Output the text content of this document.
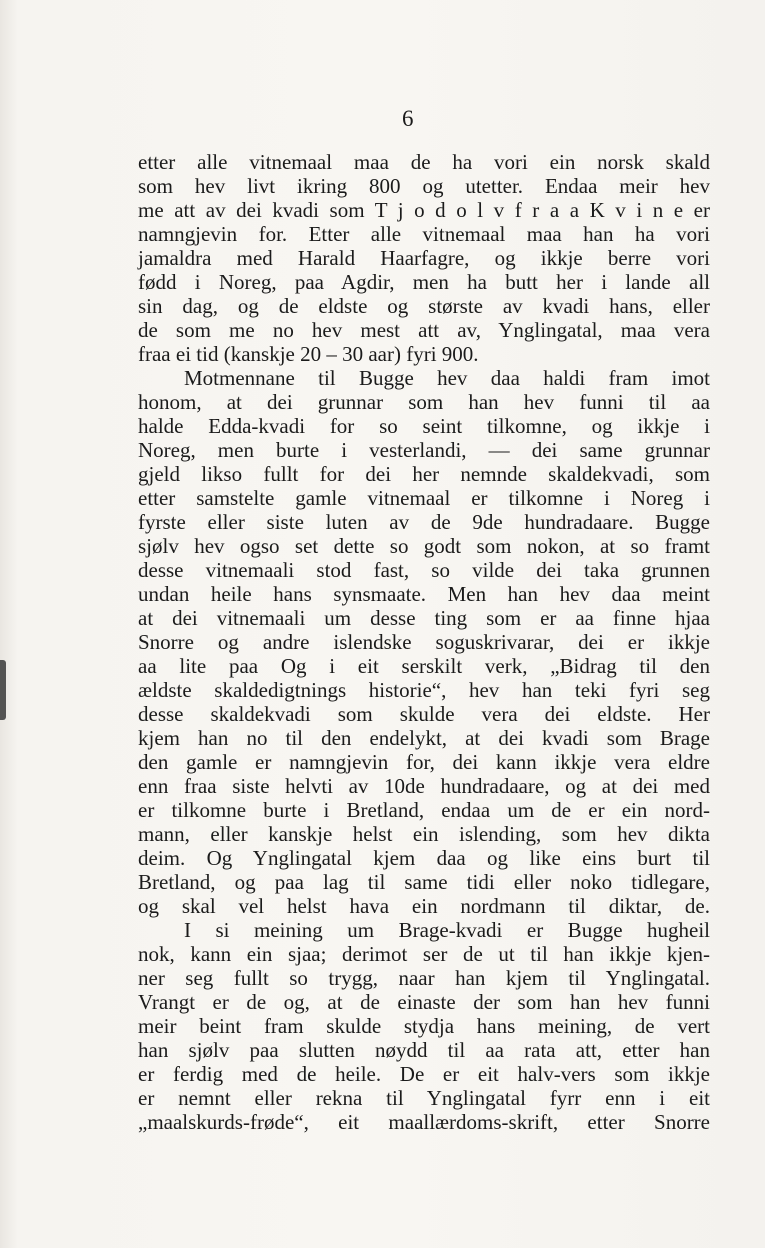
6
etter alle vitnemaal maa de ha vori ein norsk skald
som hev livt ikring 800 og utetter. Endaa meir hev
me att av dei kvadi som T j o d o l v f r a a K v i n e er
namngjevin for. Etter alle vitnemaal maa han ha vori
jamaldra med Harald Haarfagre, og ikkje berre vori
fødd i Noreg, paa Agdir, men ha butt her i lande all
sin dag, og de eldste og største av kvadi hans, eller
de som me no hev mest att av, Ynglingatal, maa vera
fraa ei tid (kanskje 20 – 30 aar) fyri 900.
Motmennane til Bugge hev daa haldi fram imot
honom, at dei grunnar som han hev funni til aa
halde Edda-kvadi for so seint tilkomne, og ikkje i
Noreg, men burte i vesterlandi, — dei same grunnar
gjeld likso fullt for dei her nemnde skaldekvadi, som
etter samstelte gamle vitnemaal er tilkomne i Noreg i
fyrste eller siste luten av de 9de hundradaare. Bugge
sjølv hev ogso set dette so godt som nokon, at so framt
desse vitnemaali stod fast, so vilde dei taka grunnen
undan heile hans synsmaate. Men han hev daa meint
at dei vitnemaali um desse ting som er aa finne hjaa
Snorre og andre islendske soguskrivarar, dei er ikkje
aa lite paa Og i eit serskilt verk, „Bidrag til den
ældste skaldedigtnings historie“, hev han teki fyri seg
desse skaldekvadi som skulde vera dei eldste. Her
kjem han no til den endelykt, at dei kvadi som Brage
den gamle er namngjevin for, dei kann ikkje vera eldre
enn fraa siste helvti av 10de hundradaare, og at dei med
er tilkomne burte i Bretland, endaa um de er ein nord-
mann, eller kanskje helst ein islending, som hev dikta
deim. Og Ynglingatal kjem daa og like eins burt til
Bretland, og paa lag til same tidi eller noko tidlegare,
og skal vel helst hava ein nordmann til diktar, de.
I si meining um Brage-kvadi er Bugge hugheil
nok, kann ein sjaa; derimot ser de ut til han ikkje kjen-
ner seg fullt so trygg, naar han kjem til Ynglingatal.
Vrangt er de og, at de einaste der som han hev funni
meir beint fram skulde stydja hans meining, de vert
han sjølv paa slutten nøydd til aa rata att, etter han
er ferdig med de heile. De er eit halv-vers som ikkje
er nemnt eller rekna til Ynglingatal fyrr enn i eit
„maalskurds-frøde“, eit maallærdoms-skrift, etter Snorre
